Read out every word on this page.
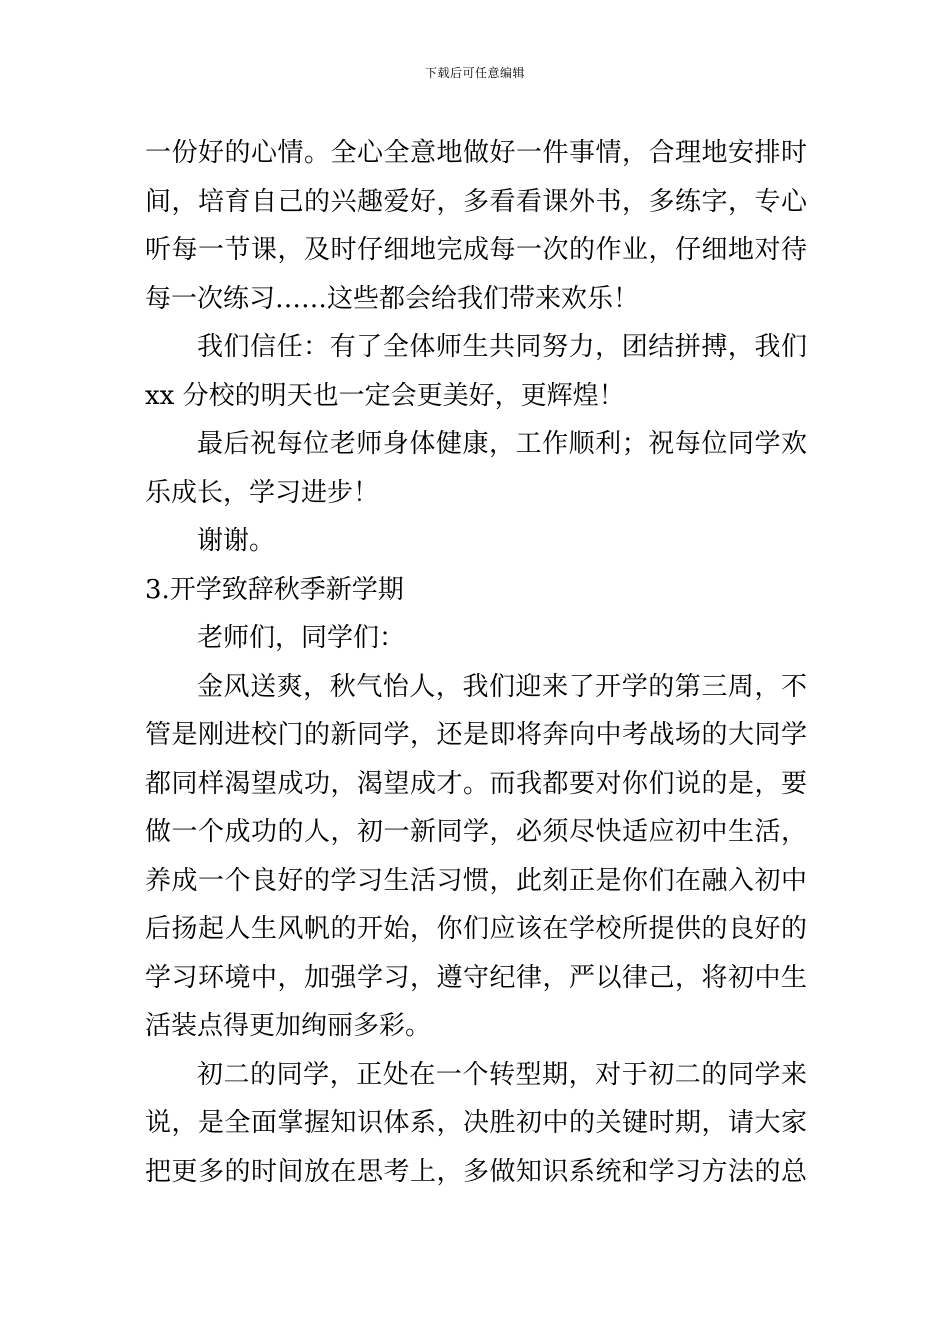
下载后可任意编辑
一份好的心情。全心全意地做好一件事情，合理地安排时
间，培育自己的兴趣爱好，多看看课外书，多练字，专心
听每一节课，及时仔细地完成每一次的作业，仔细地对待
每一次练习……这些都会给我们带来欢乐！
我们信任：有了全体师生共同努力，团结拼搏，我们
xx 分校的明天也一定会更美好，更辉煌！
最后祝每位老师身体健康，工作顺利；祝每位同学欢
乐成长，学习进步！
谢谢。
3.开学致辞秋季新学期
老师们，同学们：
金风送爽，秋气怡人，我们迎来了开学的第三周，不
管是刚进校门的新同学，还是即将奔向中考战场的大同学
都同样渴望成功，渴望成才。而我都要对你们说的是，要
做一个成功的人，初一新同学，必须尽快适应初中生活，
养成一个良好的学习生活习惯，此刻正是你们在融入初中
后扬起人生风帆的开始，你们应该在学校所提供的良好的
学习环境中，加强学习，遵守纪律，严以律己，将初中生
活装点得更加绚丽多彩。
初二的同学，正处在一个转型期，对于初二的同学来
说，是全面掌握知识体系，决胜初中的关键时期，请大家
把更多的时间放在思考上，多做知识系统和学习方法的总
